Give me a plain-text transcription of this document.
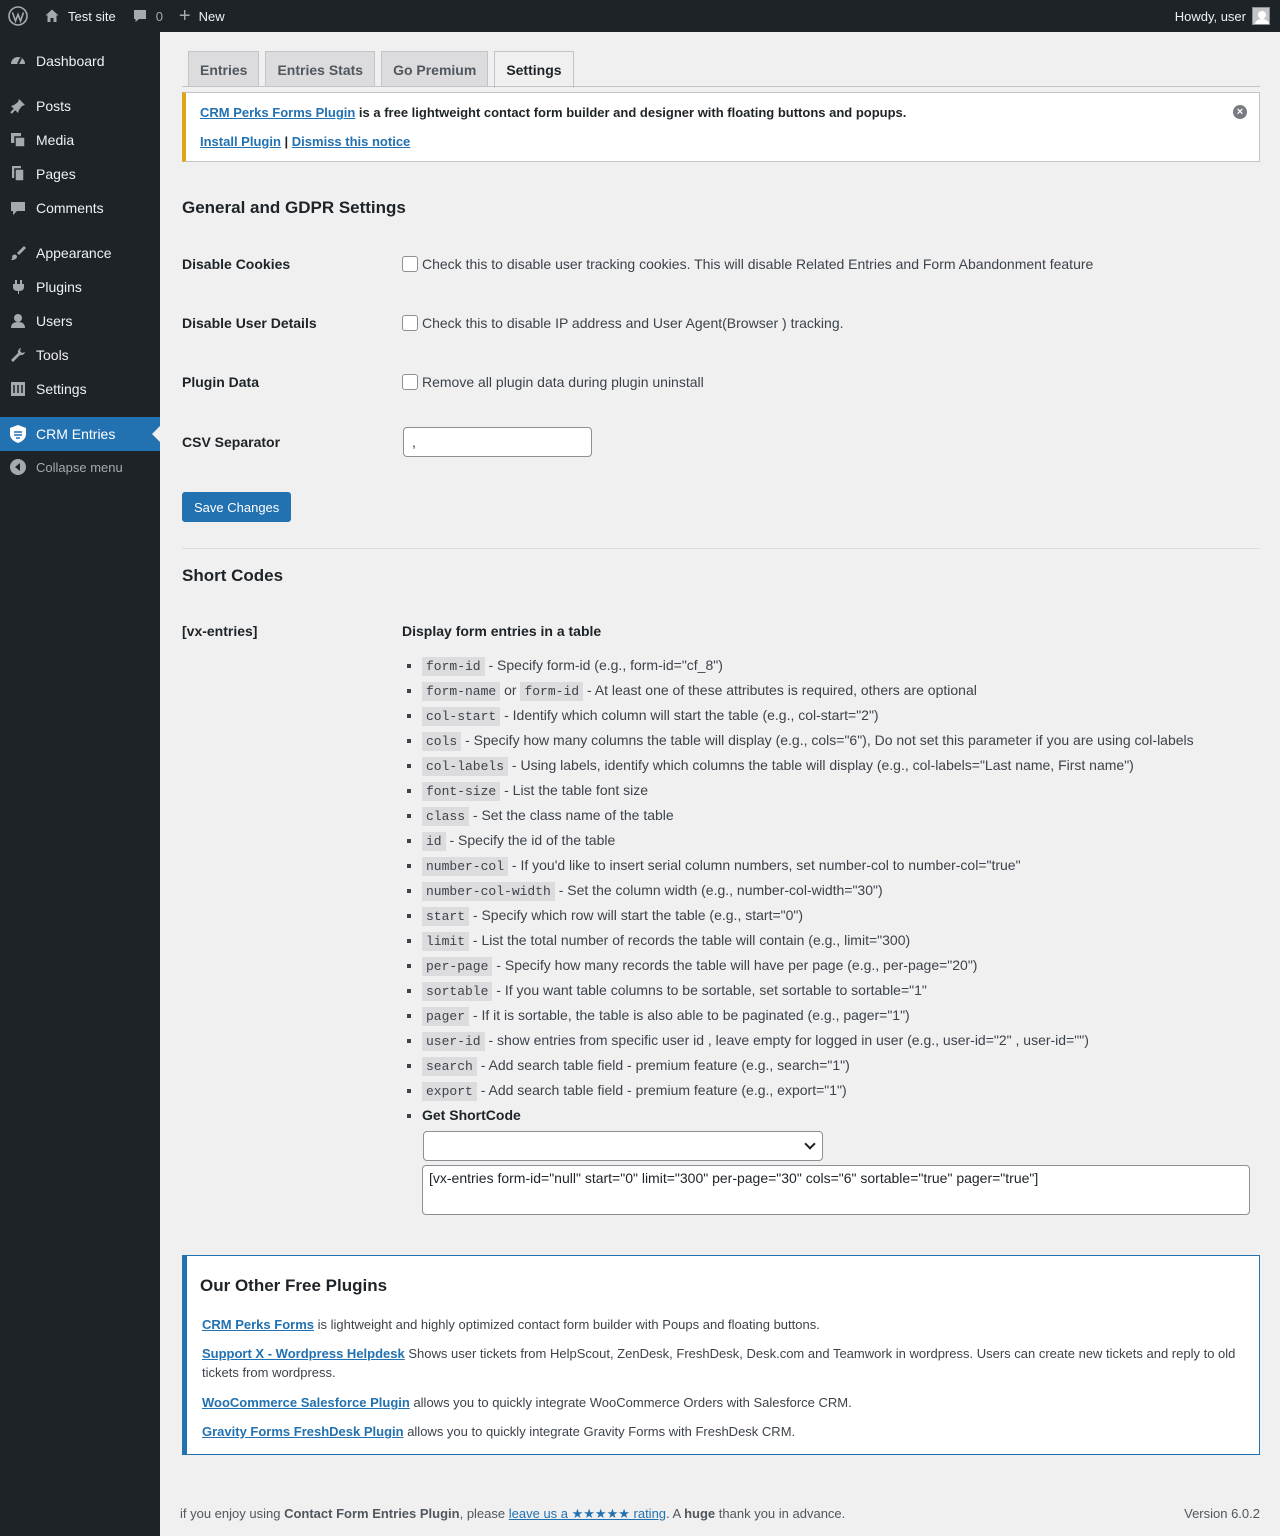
Test site	0 + New	Howdy, user
Dashboard
Posts
Media
Pages
Comments
Appearance
Plugins
Users
Tools
Settings
CRM Entries
Collapse menu
Entries	Entries Stats	Go Premium	Settings
CRM Perks Forms Plugin is a free lightweight contact form builder and designer with floating buttons and popups.
Install Plugin | Dismiss this notice
×
General and GDPR Settings
Disable Cookies	Check this to disable user tracking cookies. This will disable Related Entries and Form Abandonment feature
Disable User Details	Check this to disable IP address and User Agent(Browser ) tracking.
Plugin Data	Remove all plugin data during plugin uninstall
CSV Separator	,
Save Changes
Short Codes
[vx-entries]	Display form entries in a table
▪ form-id - Specify form-id (e.g., form-id="cf_8")
▪ form-name or form-id - At least one of these attributes is required, others are optional
▪ col-start - Identify which column will start the table (e.g., col-start="2")
▪ cols - Specify how many columns the table will display (e.g., cols="6"), Do not set this parameter if you are using col-labels
▪ col-labels - Using labels, identify which columns the table will display (e.g., col-labels="Last name, First name")
▪ font-size - List the table font size
▪ class - Set the class name of the table
▪ id - Specify the id of the table
▪ number-col - If you'd like to insert serial column numbers, set number-col to number-col="true"
▪ number-col-width - Set the column width (e.g., number-col-width="30")
▪ start - Specify which row will start the table (e.g., start="0")
▪ limit - List the total number of records the table will contain (e.g., limit="300)
▪ per-page - Specify how many records the table will have per page (e.g., per-page="20")
▪ sortable - If you want table columns to be sortable, set sortable to sortable="1"
▪ pager - If it is sortable, the table is also able to be paginated (e.g., pager="1")
▪ user-id - show entries from specific user id , leave empty for logged in user (e.g., user-id="2" , user-id="")
▪ search - Add search table field - premium feature (e.g., search="1")
▪ export - Add search table field - premium feature (e.g., export="1")
▪ Get ShortCode
[vx-entries form-id="null" start="0" limit="300" per-page="30" cols="6" sortable="true" pager="true"]
Our Other Free Plugins
CRM Perks Forms is lightweight and highly optimized contact form builder with Poups and floating buttons.
Support X - Wordpress Helpdesk Shows user tickets from HelpScout, ZenDesk, FreshDesk, Desk.com and Teamwork in wordpress. Users can create new tickets and reply to old tickets from wordpress.
WooCommerce Salesforce Plugin allows you to quickly integrate WooCommerce Orders with Salesforce CRM.
Gravity Forms FreshDesk Plugin allows you to quickly integrate Gravity Forms with FreshDesk CRM.
if you enjoy using Contact Form Entries Plugin, please leave us a ★★★★★ rating. A huge thank you in advance.	Version 6.0.2
